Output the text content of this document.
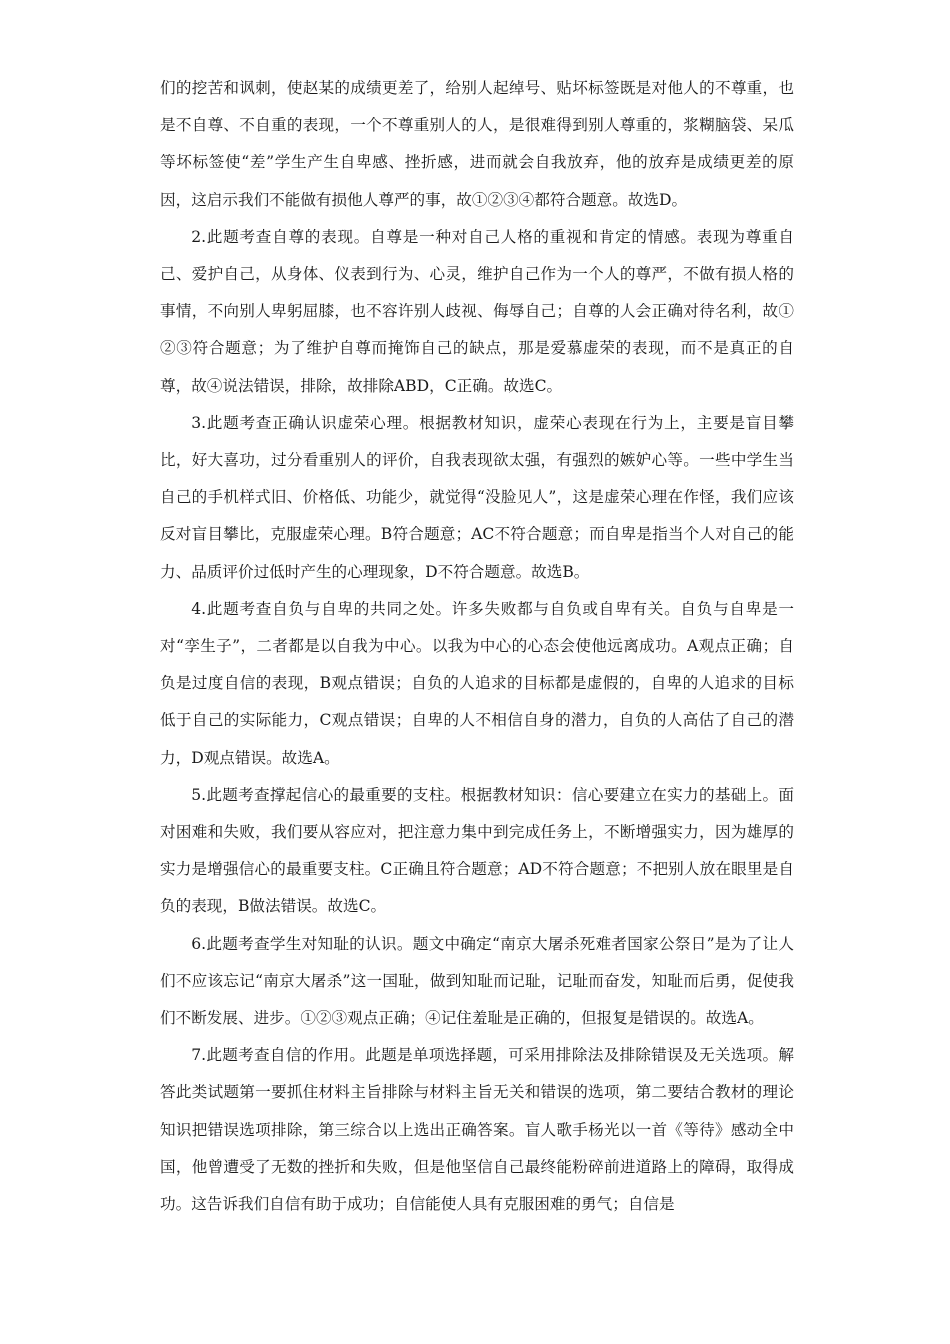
们的挖苦和讽刺，使赵某的成绩更差了，给别人起绰号、贴坏标签既是对他人的不尊重，也是不自尊、不自重的表现，一个不尊重别人的人，是很难得到别人尊重的，浆糊脑袋、呆瓜等坏标签使“差”学生产生自卑感、挫折感，进而就会自我放弃，他的放弃是成绩更差的原因，这启示我们不能做有损他人尊严的事，故①②③④都符合题意。故选D。

2.此题考查自尊的表现。自尊是一种对自己人格的重视和肯定的情感。表现为尊重自己、爱护自己，从身体、仪表到行为、心灵，维护自己作为一个人的尊严，不做有损人格的事情，不向别人卑躬屈膝，也不容许别人歧视、侮辱自己；自尊的人会正确对待名利，故①②③符合题意；为了维护自尊而掩饰自己的缺点，那是爱慕虚荣的表现，而不是真正的自尊，故④说法错误，排除，故排除ABD，C正确。故选C。

3.此题考查正确认识虚荣心理。根据教材知识，虚荣心表现在行为上，主要是盲目攀比，好大喜功，过分看重别人的评价，自我表现欲太强，有强烈的嫉妒心等。一些中学生当自己的手机样式旧、价格低、功能少，就觉得“没脸见人”，这是虚荣心理在作怪，我们应该反对盲目攀比，克服虚荣心理。B符合题意；AC不符合题意；而自卑是指当个人对自己的能力、品质评价过低时产生的心理现象，D不符合题意。故选B。

4.此题考查自负与自卑的共同之处。许多失败都与自负或自卑有关。自负与自卑是一对“孪生子”，二者都是以自我为中心。以我为中心的心态会使他远离成功。A观点正确；自负是过度自信的表现，B观点错误；自负的人追求的目标都是虚假的，自卑的人追求的目标低于自己的实际能力，C观点错误；自卑的人不相信自身的潜力，自负的人高估了自己的潜力，D观点错误。故选A。

5.此题考查撑起信心的最重要的支柱。根据教材知识：信心要建立在实力的基础上。面对困难和失败，我们要从容应对，把注意力集中到完成任务上，不断增强实力，因为雄厚的实力是增强信心的最重要支柱。C正确且符合题意；AD不符合题意；不把别人放在眼里是自负的表现，B做法错误。故选C。

6.此题考查学生对知耻的认识。题文中确定“南京大屠杀死难者国家公祭日”是为了让人们不应该忘记“南京大屠杀”这一国耻，做到知耻而记耻，记耻而奋发，知耻而后勇，促使我们不断发展、进步。①②③观点正确；④记住羞耻是正确的，但报复是错误的。故选A。

7.此题考查自信的作用。此题是单项选择题，可采用排除法及排除错误及无关选项。解答此类试题第一要抓住材料主旨排除与材料主旨无关和错误的选项，第二要结合教材的理论知识把错误选项排除，第三综合以上选出正确答案。盲人歌手杨光以一首《等待》感动全中国，他曾遭受了无数的挫折和失败，但是他坚信自己最终能粉碎前进道路上的障碍，取得成功。这告诉我们自信有助于成功；自信能使人具有克服困难的勇气；自信是
